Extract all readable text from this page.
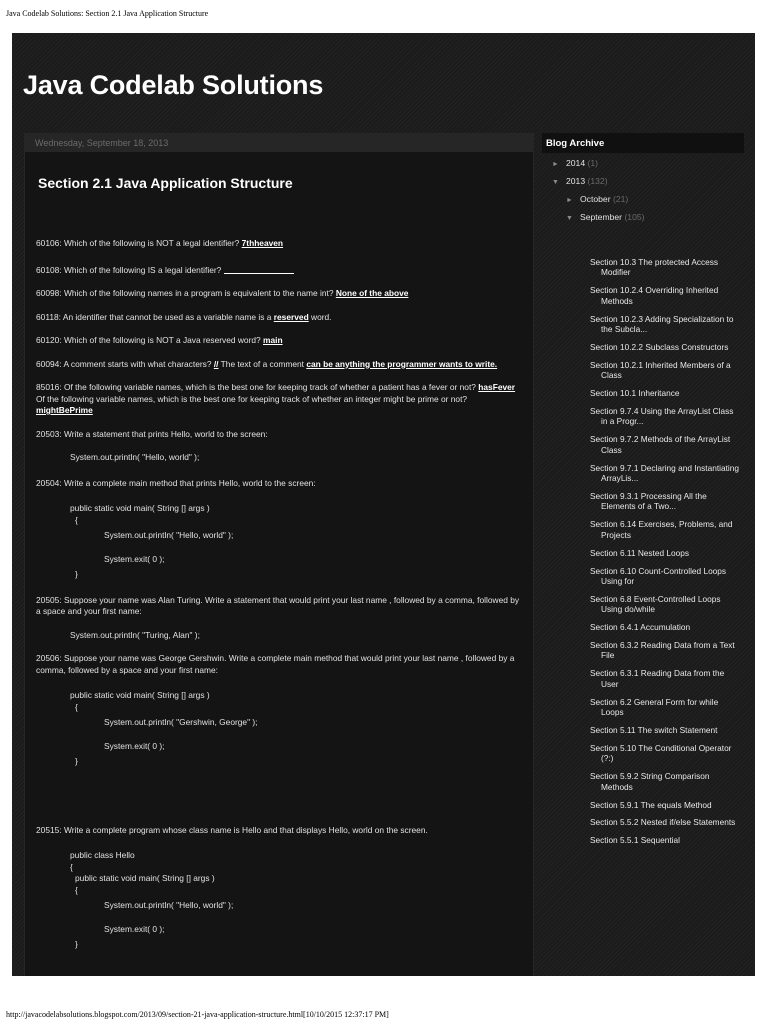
Java Codelab Solutions: Section 2.1 Java Application Structure
Java Codelab Solutions
Wednesday, September 18, 2013
Section 2.1 Java Application Structure

60106: Which of the following is NOT a legal identifier? 7thheaven

60108: Which of the following IS a legal identifier?

60098: Which of the following names in a program is equivalent to the name int? None of the above

60118: An identifier that cannot be used as a variable name is a reserved word.

60120: Which of the following is NOT a Java reserved word? main

60094: A comment starts with what characters? // The text of a comment can be anything the programmer wants to write.

85016: Of the following variable names, which is the best one for keeping track of whether a patient has a fever or not? hasFever Of the following variable names, which is the best one for keeping track of whether an integer might be prime or not? mightBePrime

20503: Write a statement that prints Hello, world to the screen:

System.out.println( "Hello, world" );

20504: Write a complete main method that prints Hello, world to the screen:

public static void main( String [] args )

{

System.out.println( "Hello, world" );

System.exit( 0 );

}

20505: Suppose your name was Alan Turing. Write a statement that would print your last name , followed by a comma, followed by a space and your first name:

System.out.println( "Turing, Alan" );

20506: Suppose your name was George Gershwin. Write a complete main method that would print your last name , followed by a comma, followed by a space and your first name:

public static void main( String [] args )

{

System.out.println( "Gershwin, George" );

System.exit( 0 );

}

20515: Write a complete program whose class name is Hello and that displays Hello, world on the screen.

public class Hello

{

public static void main( String [] args )

{

System.out.println( "Hello, world" );

System.exit( 0 );

}

Blog Archive
► 2014 (1)
▼ 2013 (132)
► October (21)
▼ September (105)
Section 10.3 The protected Access Modifier
Section 10.2.4 Overriding Inherited Methods
Section 10.2.3 Adding Specialization to the Subcla...
Section 10.2.2 Subclass Constructors
Section 10.2.1 Inherited Members of a Class
Section 10.1 Inheritance
Section 9.7.4 Using the ArrayList Class in a Progr...
Section 9.7.2 Methods of the ArrayList Class
Section 9.7.1 Declaring and Instantiating ArrayLis...
Section 9.3.1 Processing All the Elements of a Two...
Section 6.14 Exercises, Problems, and Projects
Section 6.11 Nested Loops
Section 6.10 Count-Controlled Loops Using for
Section 6.8 Event-Controlled Loops Using do/while
Section 6.4.1 Accumulation
Section 6.3.2 Reading Data from a Text File
Section 6.3.1 Reading Data from the User
Section 6.2 General Form for while Loops
Section 5.11 The switch Statement
Section 5.10 The Conditional Operator (?:)
Section 5.9.2 String Comparison Methods
Section 5.9.1 The equals Method
Section 5.5.2 Nested if/else Statements
Section 5.5.1 Sequential
http://javacodelabsolutions.blogspot.com/2013/09/section-21-java-application-structure.html[10/10/2015 12:37:17 PM]
